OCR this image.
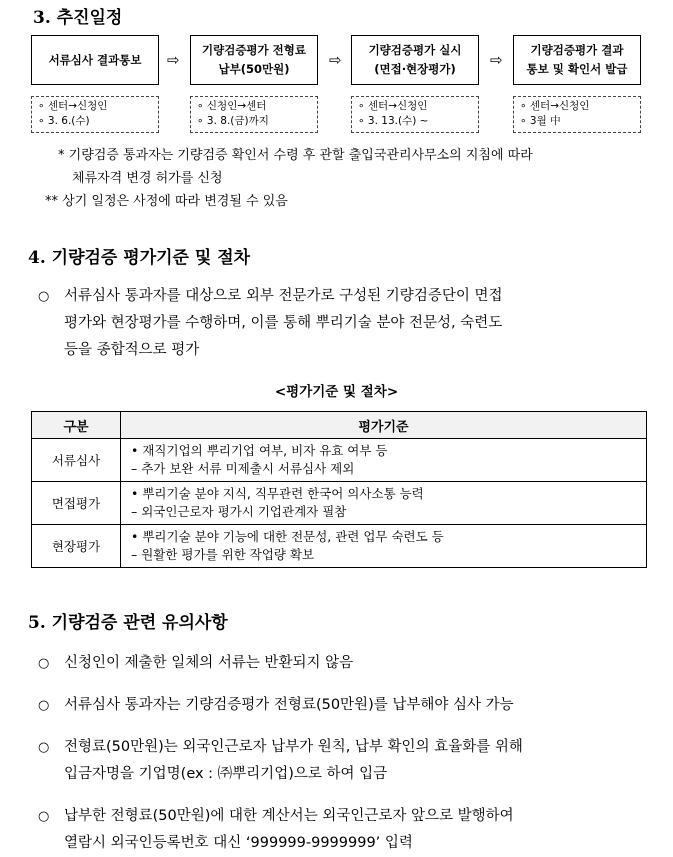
3. 추진일정
서류심사 결과통보 ⇨
기량검증평가 전형료
납부(50만원)	⇨
기량검증평가 실시
(면접·현장평가)	⇨
기량검증평가 결과
통보 및 확인서 발급
∘ 센터→신청인
∘ 3. 6.(수)
∘ 신청인→센터
∘ 3. 8.(금)까지
∘ 센터→신청인
∘ 3. 13.(수) ~
∘ 센터→신청인
∘ 3월 中
* 기량검증 통과자는 기량검증 확인서 수령 후 관할 출입국관리사무소의 지침에 따라
체류자격 변경 허가를 신청
** 상기 일정은 사정에 따라 변경될 수 있음
4. 기량검증 평가기준 및 절차
○ 서류심사 통과자를 대상으로 외부 전문가로 구성된 기량검증단이 면접
평가와 현장평가를 수행하며, 이를 통해 뿌리기술 분야 전문성, 숙련도
등을 종합적으로 평가
<평가기준 및 절차>
구분	평가기준
서류심사	• 재직기업의 뿌리기업 여부, 비자 유효 여부 등
– 추가 보완 서류 미제출시 서류심사 제외

면접평가	• 뿌리기술 분야 지식, 직무관련 한국어 의사소통 능력
– 외국인근로자 평가시 기업관계자 필참

현장평가	• 뿌리기술 분야 기능에 대한 전문성, 관련 업무 숙련도 등
– 원활한 평가를 위한 작업량 확보
5. 기량검증 관련 유의사항
○ 신청인이 제출한 일체의 서류는 반환되지 않음
○ 서류심사 통과자는 기량검증평가 전형료(50만원)를 납부해야 심사 가능
○ 전형료(50만원)는 외국인근로자 납부가 원칙, 납부 확인의 효율화를 위해
입금자명을 기업명(ex : ㈜뿌리기업)으로 하여 입금
○ 납부한 전형료(50만원)에 대한 계산서는 외국인근로자 앞으로 발행하여
열람시 외국인등록번호 대신 ‘999999-9999999’ 입력
